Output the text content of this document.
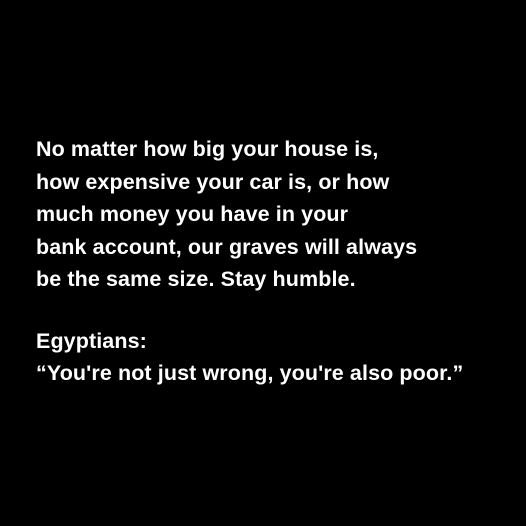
No matter how big your house is,
how expensive your car is, or how
much money you have in your
bank account, our graves will always
be the same size. Stay humble.
Egyptians:
“You're not just wrong, you're also poor.”
